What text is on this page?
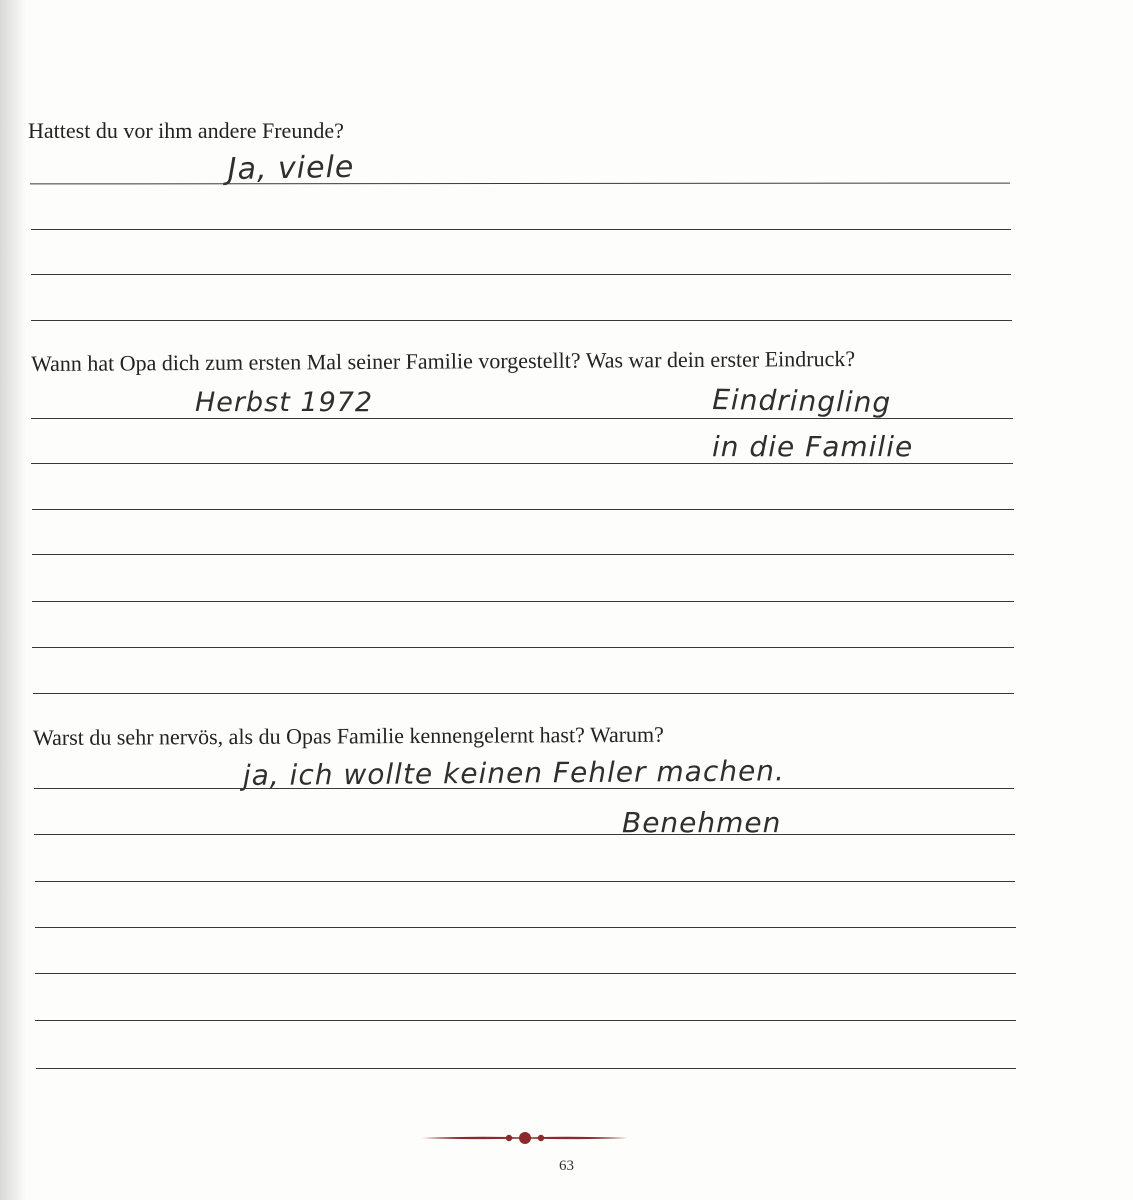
Hattest du vor ihm andere Freunde?
Ja, viele
Wann hat Opa dich zum ersten Mal seiner Familie vorgestellt? Was war dein erster Eindruck?
Herbst 1972	Eindringling
in die Familie
Warst du sehr nervös, als du Opas Familie kennengelernt hast? Warum?
ja, ich wollte keinen Fehler machen.
Benehmen
63
